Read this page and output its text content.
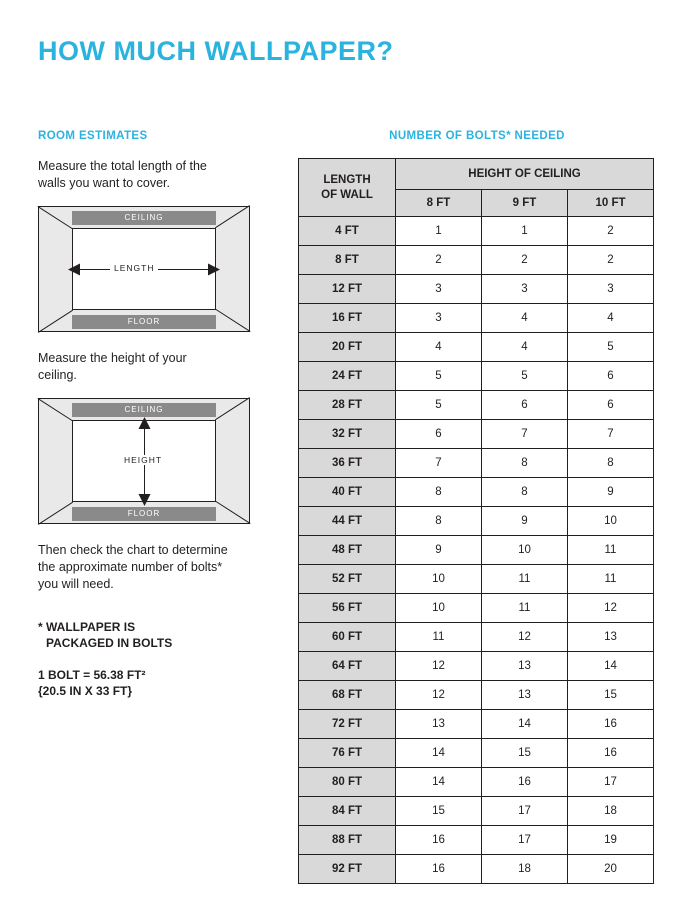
HOW MUCH WALLPAPER?
ROOM ESTIMATES
Measure the total length of the walls you want to cover.
CEILING
FLOOR
LENGTH
Measure the height of your ceiling.
CEILING
FLOOR
HEIGHT
Then check the chart to determine the approximate number of bolts* you will need.
* WALLPAPER IS
PACKAGED IN BOLTS
1 BOLT = 56.38 FT²
{20.5 IN X 33 FT}
NUMBER OF BOLTS* NEEDED
LENGTH
OF WALL	HEIGHT OF CEILING		
	8 FT	9 FT	10 FT
4 FT	1	1	2
8 FT	2	2	2
12 FT	3	3	3
16 FT	3	4	4
20 FT	4	4	5
24 FT	5	5	6
28 FT	5	6	6
32 FT	6	7	7
36 FT	7	8	8
40 FT	8	8	9
44 FT	8	9	10
48 FT	9	10	11
52 FT	10	11	11
56 FT	10	11	12
60 FT	11	12	13
64 FT	12	13	14
68 FT	12	13	15
72 FT	13	14	16
76 FT	14	15	16
80 FT	14	16	17
84 FT	15	17	18
88 FT	16	17	19
92 FT	16	18	20
